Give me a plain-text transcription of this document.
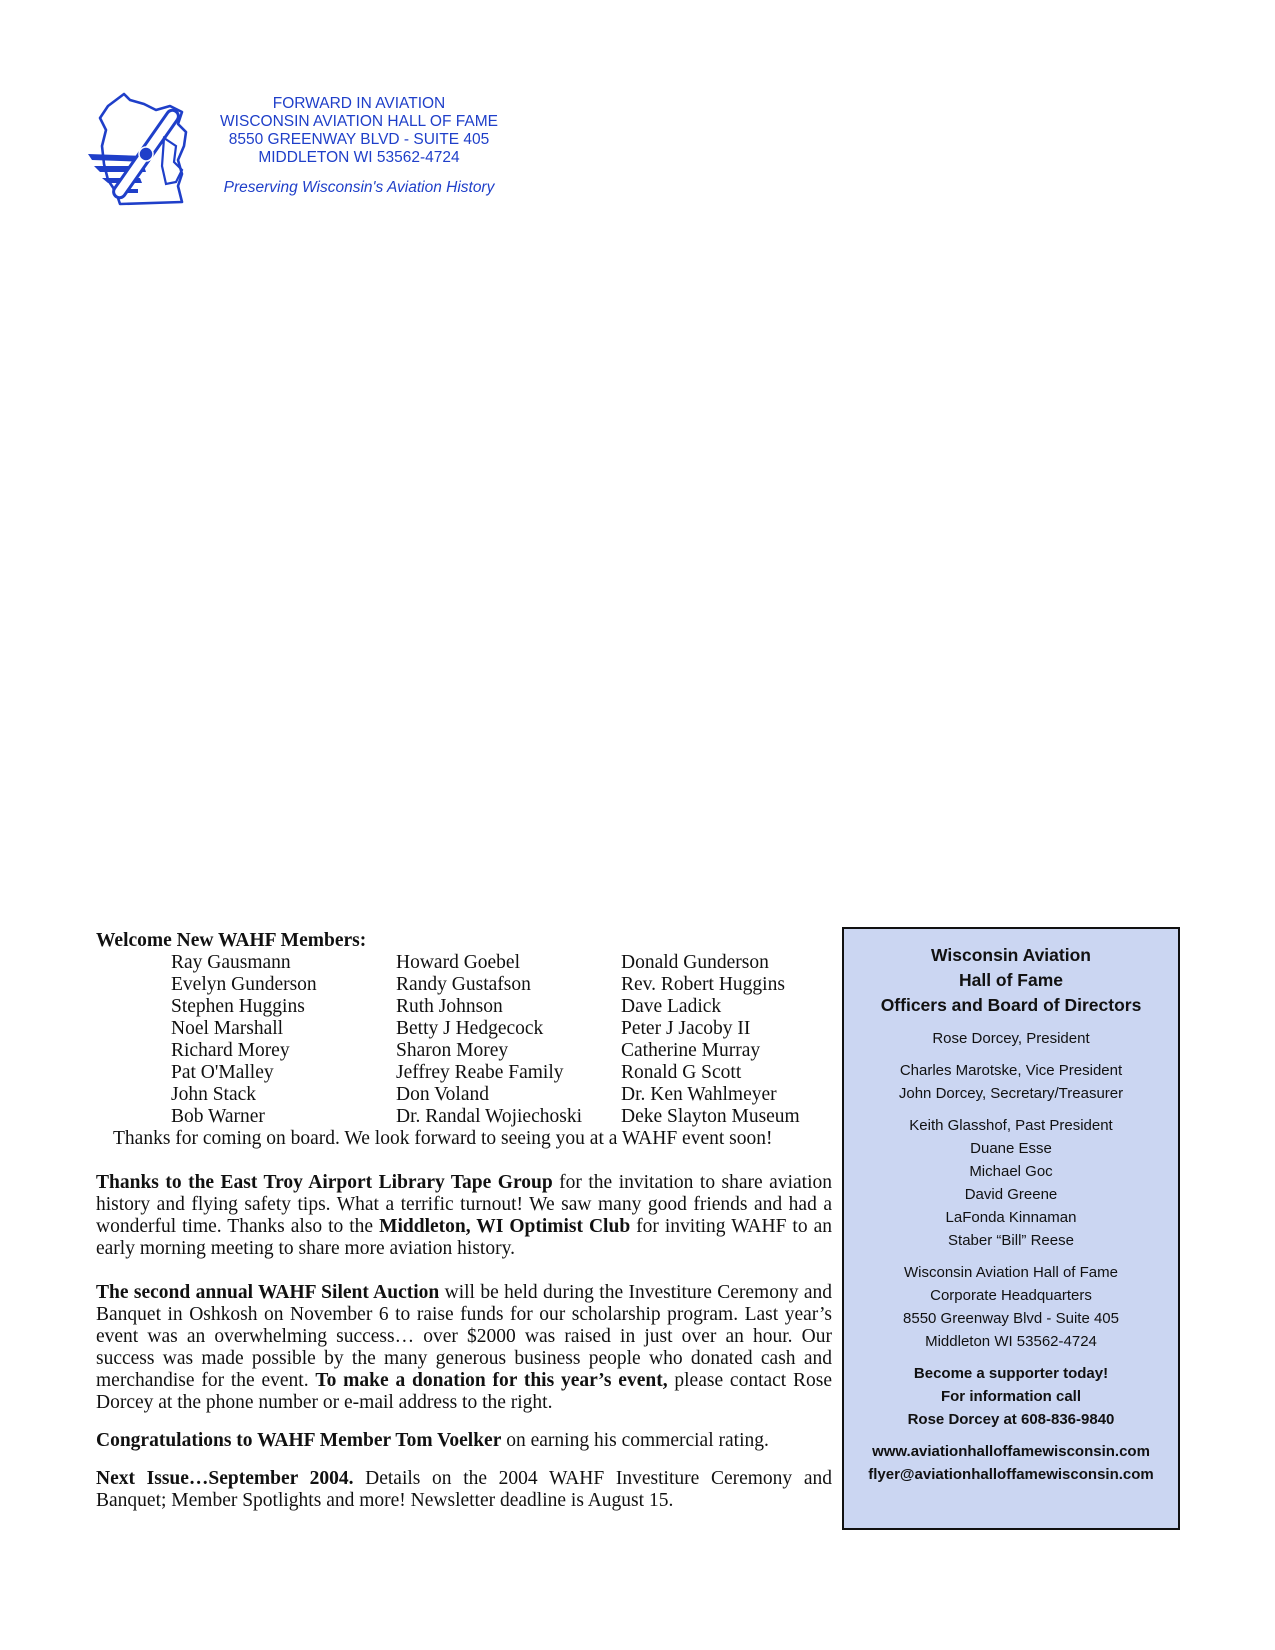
FORWARD IN AVIATION
WISCONSIN AVIATION HALL OF FAME
8550 GREENWAY BLVD - SUITE 405
MIDDLETON WI 53562-4724
Preserving Wisconsin's Aviation History
Welcome New WAHF Members:
Ray Gausmann	Howard Goebel	Donald Gunderson
Evelyn Gunderson	Randy Gustafson	Rev. Robert Huggins
Stephen Huggins	Ruth Johnson	Dave Ladick
Noel Marshall	Betty J Hedgecock	Peter J Jacoby II
Richard Morey	Sharon Morey	Catherine Murray
Pat O'Malley	Jeffrey Reabe Family	Ronald G Scott
John Stack	Don Voland	Dr. Ken Wahlmeyer
Bob Warner	Dr. Randal Wojiechoski	Deke Slayton Museum
Thanks for coming on board. We look forward to seeing you at a WAHF event soon!

Thanks to the East Troy Airport Library Tape Group for the invitation to share aviation history and flying safety tips. What a terrific turnout! We saw many good friends and had a wonderful time. Thanks also to the Middleton, WI Optimist Club for inviting WAHF to an early morning meeting to share more aviation history.

The second annual WAHF Silent Auction will be held during the Investiture Ceremony and Banquet in Oshkosh on November 6 to raise funds for our scholarship program. Last year’s event was an overwhelming success… over $2000 was raised in just over an hour. Our success was made possible by the many generous business people who donated cash and merchandise for the event. To make a donation for this year’s event, please contact Rose Dorcey at the phone number or e-mail address to the right.

Congratulations to WAHF Member Tom Voelker on earning his commercial rating.

Next Issue…September 2004. Details on the 2004 WAHF Investiture Ceremony and Banquet; Member Spotlights and more! Newsletter deadline is August 15.

Wisconsin Aviation
Hall of Fame
Officers and Board of Directors
Rose Dorcey, President
Charles Marotske, Vice President
John Dorcey, Secretary/Treasurer
Keith Glasshof, Past President
Duane Esse
Michael Goc
David Greene
LaFonda Kinnaman
Staber “Bill” Reese
Wisconsin Aviation Hall of Fame
Corporate Headquarters
8550 Greenway Blvd - Suite 405
Middleton WI 53562-4724
Become a supporter today!
For information call
Rose Dorcey at 608-836-9840
www.aviationhalloffamewisconsin.com
flyer@aviationhalloffamewisconsin.com
